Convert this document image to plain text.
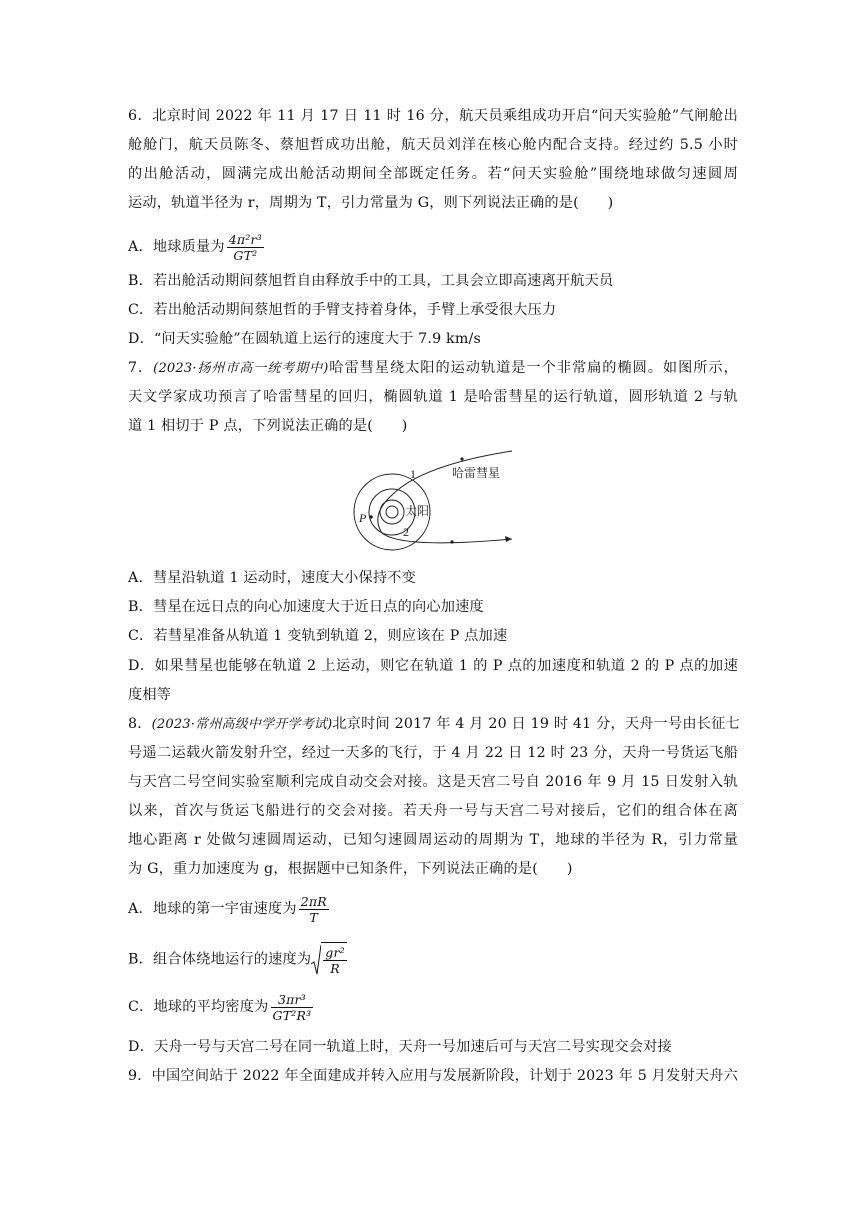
6．北京时间 2022 年 11 月 17 日 11 时 16 分，航天员乘组成功开启“问天实验舱”气闸舱出
舱舱门，航天员陈冬、蔡旭哲成功出舱，航天员刘洋在核心舱内配合支持。经过约 5.5 小时
的出舱活动，圆满完成出舱活动期间全部既定任务。若“问天实验舱”围绕地球做匀速圆周
运动，轨道半径为 r，周期为 T，引力常量为 G，则下列说法正确的是(　　)
A．地球质量为 $\frac{\text{4π²r³}}{\text{GT²}}$
B．若出舱活动期间蔡旭哲自由释放手中的工具，工具会立即高速离开航天员
C．若出舱活动期间蔡旭哲的手臂支持着身体，手臂上承受很大压力
D．“问天实验舱”在圆轨道上运行的速度大于 7.9 km/s
7．(2023·扬州市高一统考期中)哈雷彗星绕太阳的运动轨道是一个非常扁的椭圆。如图所示，
天文学家成功预言了哈雷彗星的回归，椭圆轨道 1 是哈雷彗星的运行轨道，圆形轨道 2 与轨
道 1 相切于 P 点，下列说法正确的是(　　)
1	哈雷彗星
P	太阳
2
A．彗星沿轨道 1 运动时，速度大小保持不变
B．彗星在远日点的向心加速度大于近日点的向心加速度
C．若彗星准备从轨道 1 变轨到轨道 2，则应该在 P 点加速
D．如果彗星也能够在轨道 2 上运动，则它在轨道 1 的 P 点的加速度和轨道 2 的 P 点的加速
度相等
8．(2023·常州高级中学开学考试)北京时间 2017 年 4 月 20 日 19 时 41 分，天舟一号由长征七
号遥二运载火箭发射升空，经过一天多的飞行，于 4 月 22 日 12 时 23 分，天舟一号货运飞船
与天宫二号空间实验室顺利完成自动交会对接。这是天宫二号自 2016 年 9 月 15 日发射入轨
以来，首次与货运飞船进行的交会对接。若天舟一号与天宫二号对接后，它们的组合体在离
地心距离 r 处做匀速圆周运动，已知匀速圆周运动的周期为 T，地球的半径为 R，引力常量
为 G，重力加速度为 g，根据题中已知条件，下列说法正确的是(　　)
A．地球的第一宇宙速度为 $\frac{2\pi R}{T}$
B．组合体绕地运行的速度为 $\frac{\text{gr²}}{R}$
C．地球的平均密度为 $\frac{\text{3πr³}}{\text{GT²R³}}$
D．天舟一号与天宫二号在同一轨道上时，天舟一号加速后可与天宫二号实现交会对接
9．中国空间站于 2022 年全面建成并转入应用与发展新阶段，计划于 2023 年 5 月发射天舟六
